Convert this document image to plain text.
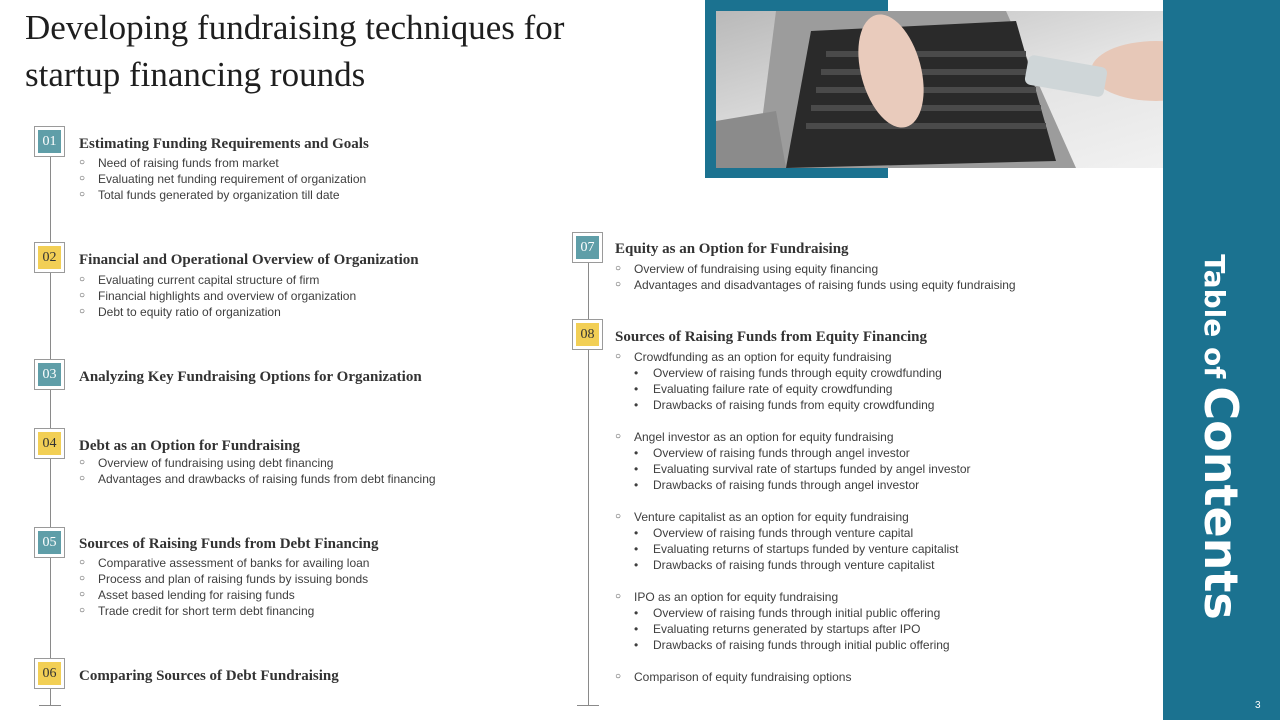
Developing fundraising techniques for startup financing rounds
Table ofContents
3
01	Estimating Funding Requirements and Goals
○ Need of raising funds from market
○ Evaluating net funding requirement of organization
○ Total funds generated by organization till date
02	Financial and Operational Overview of Organization
○ Evaluating current capital structure of firm
○ Financial highlights and overview of organization
○ Debt to equity ratio of organization
03	Analyzing Key Fundraising Options for Organization
04	Debt as an Option for Fundraising
○ Overview of fundraising using debt financing
○ Advantages and drawbacks of raising funds from debt financing
05	Sources of Raising Funds from Debt Financing
○ Comparative assessment of banks for availing loan
○ Process and plan of raising funds by issuing bonds
○ Asset based lending for raising funds
○ Trade credit for short term debt financing
06	Comparing Sources of Debt Fundraising
07	Equity as an Option for Fundraising
○ Overview of fundraising using equity financing
○ Advantages and disadvantages of raising funds using equity fundraising
08	Sources of Raising Funds from Equity Financing
○ Crowdfunding as an option for equity fundraising
• Overview of raising funds through equity crowdfunding
• Evaluating failure rate of equity crowdfunding
• Drawbacks of raising funds from equity crowdfunding
○ Angel investor as an option for equity fundraising
• Overview of raising funds through angel investor
• Evaluating survival rate of startups funded by angel investor
• Drawbacks of raising funds through angel investor
○ Venture capitalist as an option for equity fundraising
• Overview of raising funds through venture capital
• Evaluating returns of startups funded by venture capitalist
• Drawbacks of raising funds through venture capitalist
○ IPO as an option for equity fundraising
• Overview of raising funds through initial public offering
• Evaluating returns generated by startups after IPO
• Drawbacks of raising funds through initial public offering
○ Comparison of equity fundraising options
